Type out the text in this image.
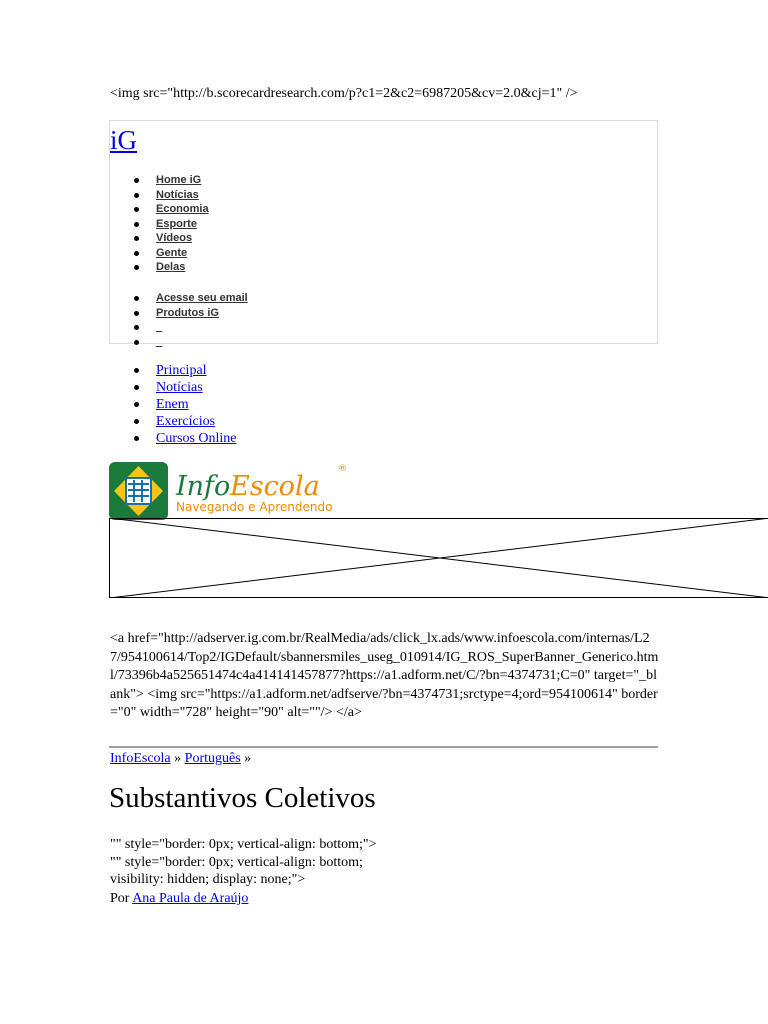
<img src="http://b.scorecardresearch.com/p?c1=2&c2=6987205&cv=2.0&cj=1" />
iG
Home iG
Notícias
Economia
Esporte
Vídeos
Gente
Delas
Acesse seu email
Produtos iG
_
_
Principal
Notícias
Enem
Exercícios
Cursos Online
Info Escola
®
Navegando e Aprendendo
<a href="http://adserver.ig.com.br/RealMedia/ads/click_lx.ads/www.infoescola.com/internas/L27/954100614/Top2/IGDefault/sbannersmiles_useg_010914/IG_ROS_SuperBanner_Generico.html/73396b4a525651474c4a41414145787​7?https://a1.adform.net/C/?bn=4374731;C=0" target="_blank"> <img src="https://a1.adform.net/adfserve/?bn=4374731;srctype=4;ord=954100614" border="0" width="728" height="90" alt=""/> </a>
InfoEscola » Português »
Substantivos Coletivos
"" style="border: 0px; vertical-align: bottom;">
"" style="border: 0px; vertical-align: bottom;
visibility: hidden; display: none;">
Por Ana Paula de Araújo
